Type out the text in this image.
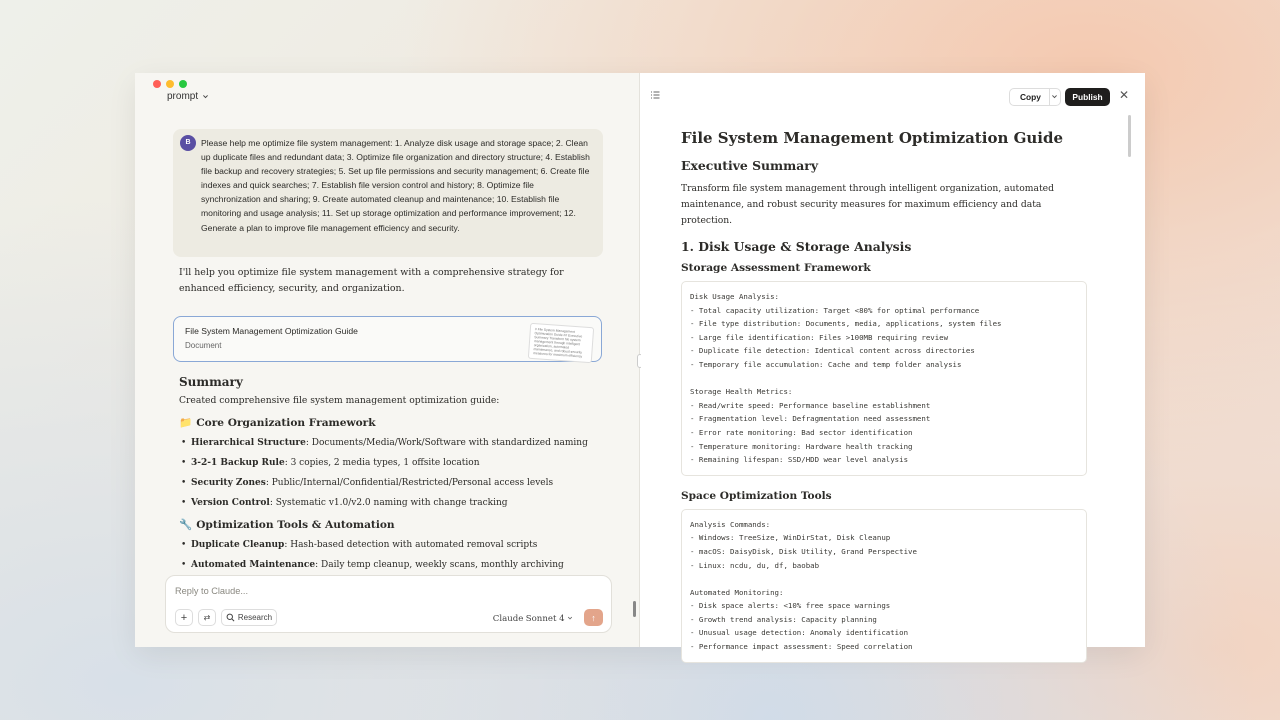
prompt
B	Please help me optimize file system management: 1. Analyze disk usage and storage space; 2. Clean up duplicate files and redundant data; 3. Optimize file organization and directory structure; 4. Establish file backup and recovery strategies; 5. Set up file permissions and security management; 6. Create file indexes and quick searches; 7. Establish file version control and history; 8. Optimize file synchronization and sharing; 9. Create automated cleanup and maintenance; 10. Establish file monitoring and usage analysis; 11. Set up storage optimization and performance improvement; 12. Generate a plan to improve file management efficiency and security.
I'll help you optimize file system management with a comprehensive strategy for enhanced efficiency, security, and organization.
File System Management Optimization Guide
Document
# File System Management Optimization Guide ## Executive Summary Transform file system management through intelligent organization, automated maintenance, and robust security measures for maximum efficiency
Summary

Created comprehensive file system management optimization guide:

📁 Core Organization Framework
• Hierarchical Structure: Documents/Media/Work/Software with standardized naming
• 3-2-1 Backup Rule: 3 copies, 2 media types, 1 offsite location
• Security Zones: Public/Internal/Confidential/Restricted/Personal access levels
• Version Control: Systematic v1.0/v2.0 naming with change tracking
🔧 Optimization Tools & Automation
• Duplicate Cleanup: Hash-based detection with automated removal scripts
• Automated Maintenance: Daily temp cleanup, weekly scans, monthly archiving
Reply to Claude...
+ ⇄	Research	Claude Sonnet 4	↑
Copy	Publish	✕
File System Management Optimization Guide
Executive Summary

Transform file system management through intelligent organization, automated maintenance, and robust security measures for maximum efficiency and data protection.

1. Disk Usage & Storage Analysis
Storage Assessment Framework
Disk Usage Analysis:
- Total capacity utilization: Target <80% for optimal performance
- File type distribution: Documents, media, applications, system files
- Large file identification: Files >100MB requiring review
- Duplicate file detection: Identical content across directories
- Temporary file accumulation: Cache and temp folder analysis

Storage Health Metrics:
- Read/write speed: Performance baseline establishment
- Fragmentation level: Defragmentation need assessment
- Error rate monitoring: Bad sector identification
- Temperature monitoring: Hardware health tracking
- Remaining lifespan: SSD/HDD wear level analysis
Space Optimization Tools
Analysis Commands:
- Windows: TreeSize, WinDirStat, Disk Cleanup
- macOS: DaisyDisk, Disk Utility, Grand Perspective
- Linux: ncdu, du, df, baobab

Automated Monitoring:
- Disk space alerts: <10% free space warnings
- Growth trend analysis: Capacity planning
- Unusual usage detection: Anomaly identification
- Performance impact assessment: Speed correlation
